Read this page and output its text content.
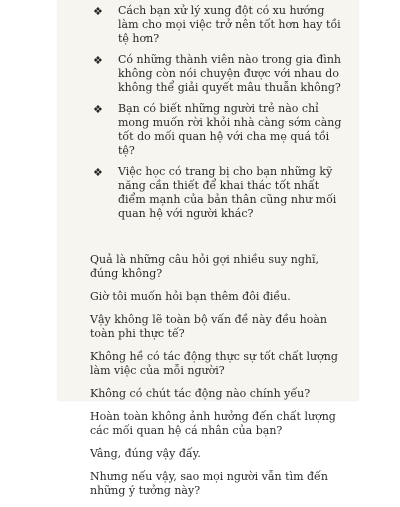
❖ Cách bạn xử lý xung đột có xu hướng làm cho mọi việc trở nên tốt hơn hay tồi tệ hơn?
❖ Có những thành viên nào trong gia đình không còn nói chuyện được với nhau do không thể giải quyết mâu thuẫn không?
❖ Bạn có biết những người trẻ nào chỉ mong muốn rời khỏi nhà càng sớm càng tốt do mối quan hệ với cha mẹ quá tồi tệ?
❖ Việc học có trang bị cho bạn những kỹ năng cần thiết để khai thác tốt nhất điểm mạnh của bản thân cũng như mối quan hệ với người khác?

Quả là những câu hỏi gợi nhiều suy nghĩ, đúng không?

Giờ tôi muốn hỏi bạn thêm đôi điều.

Vậy không lẽ toàn bộ vấn đề này đều hoàn toàn phi thực tế?

Không hề có tác động thực sự tốt chất lượng làm việc của mỗi người?

Không có chút tác động nào chính yếu?

Hoàn toàn không ảnh hưởng đến chất lượng các mối quan hệ cá nhân của bạn?

Vâng, đúng vậy đấy.

Nhưng nếu vậy, sao mọi người vẫn tìm đến những ý tưởng này?
